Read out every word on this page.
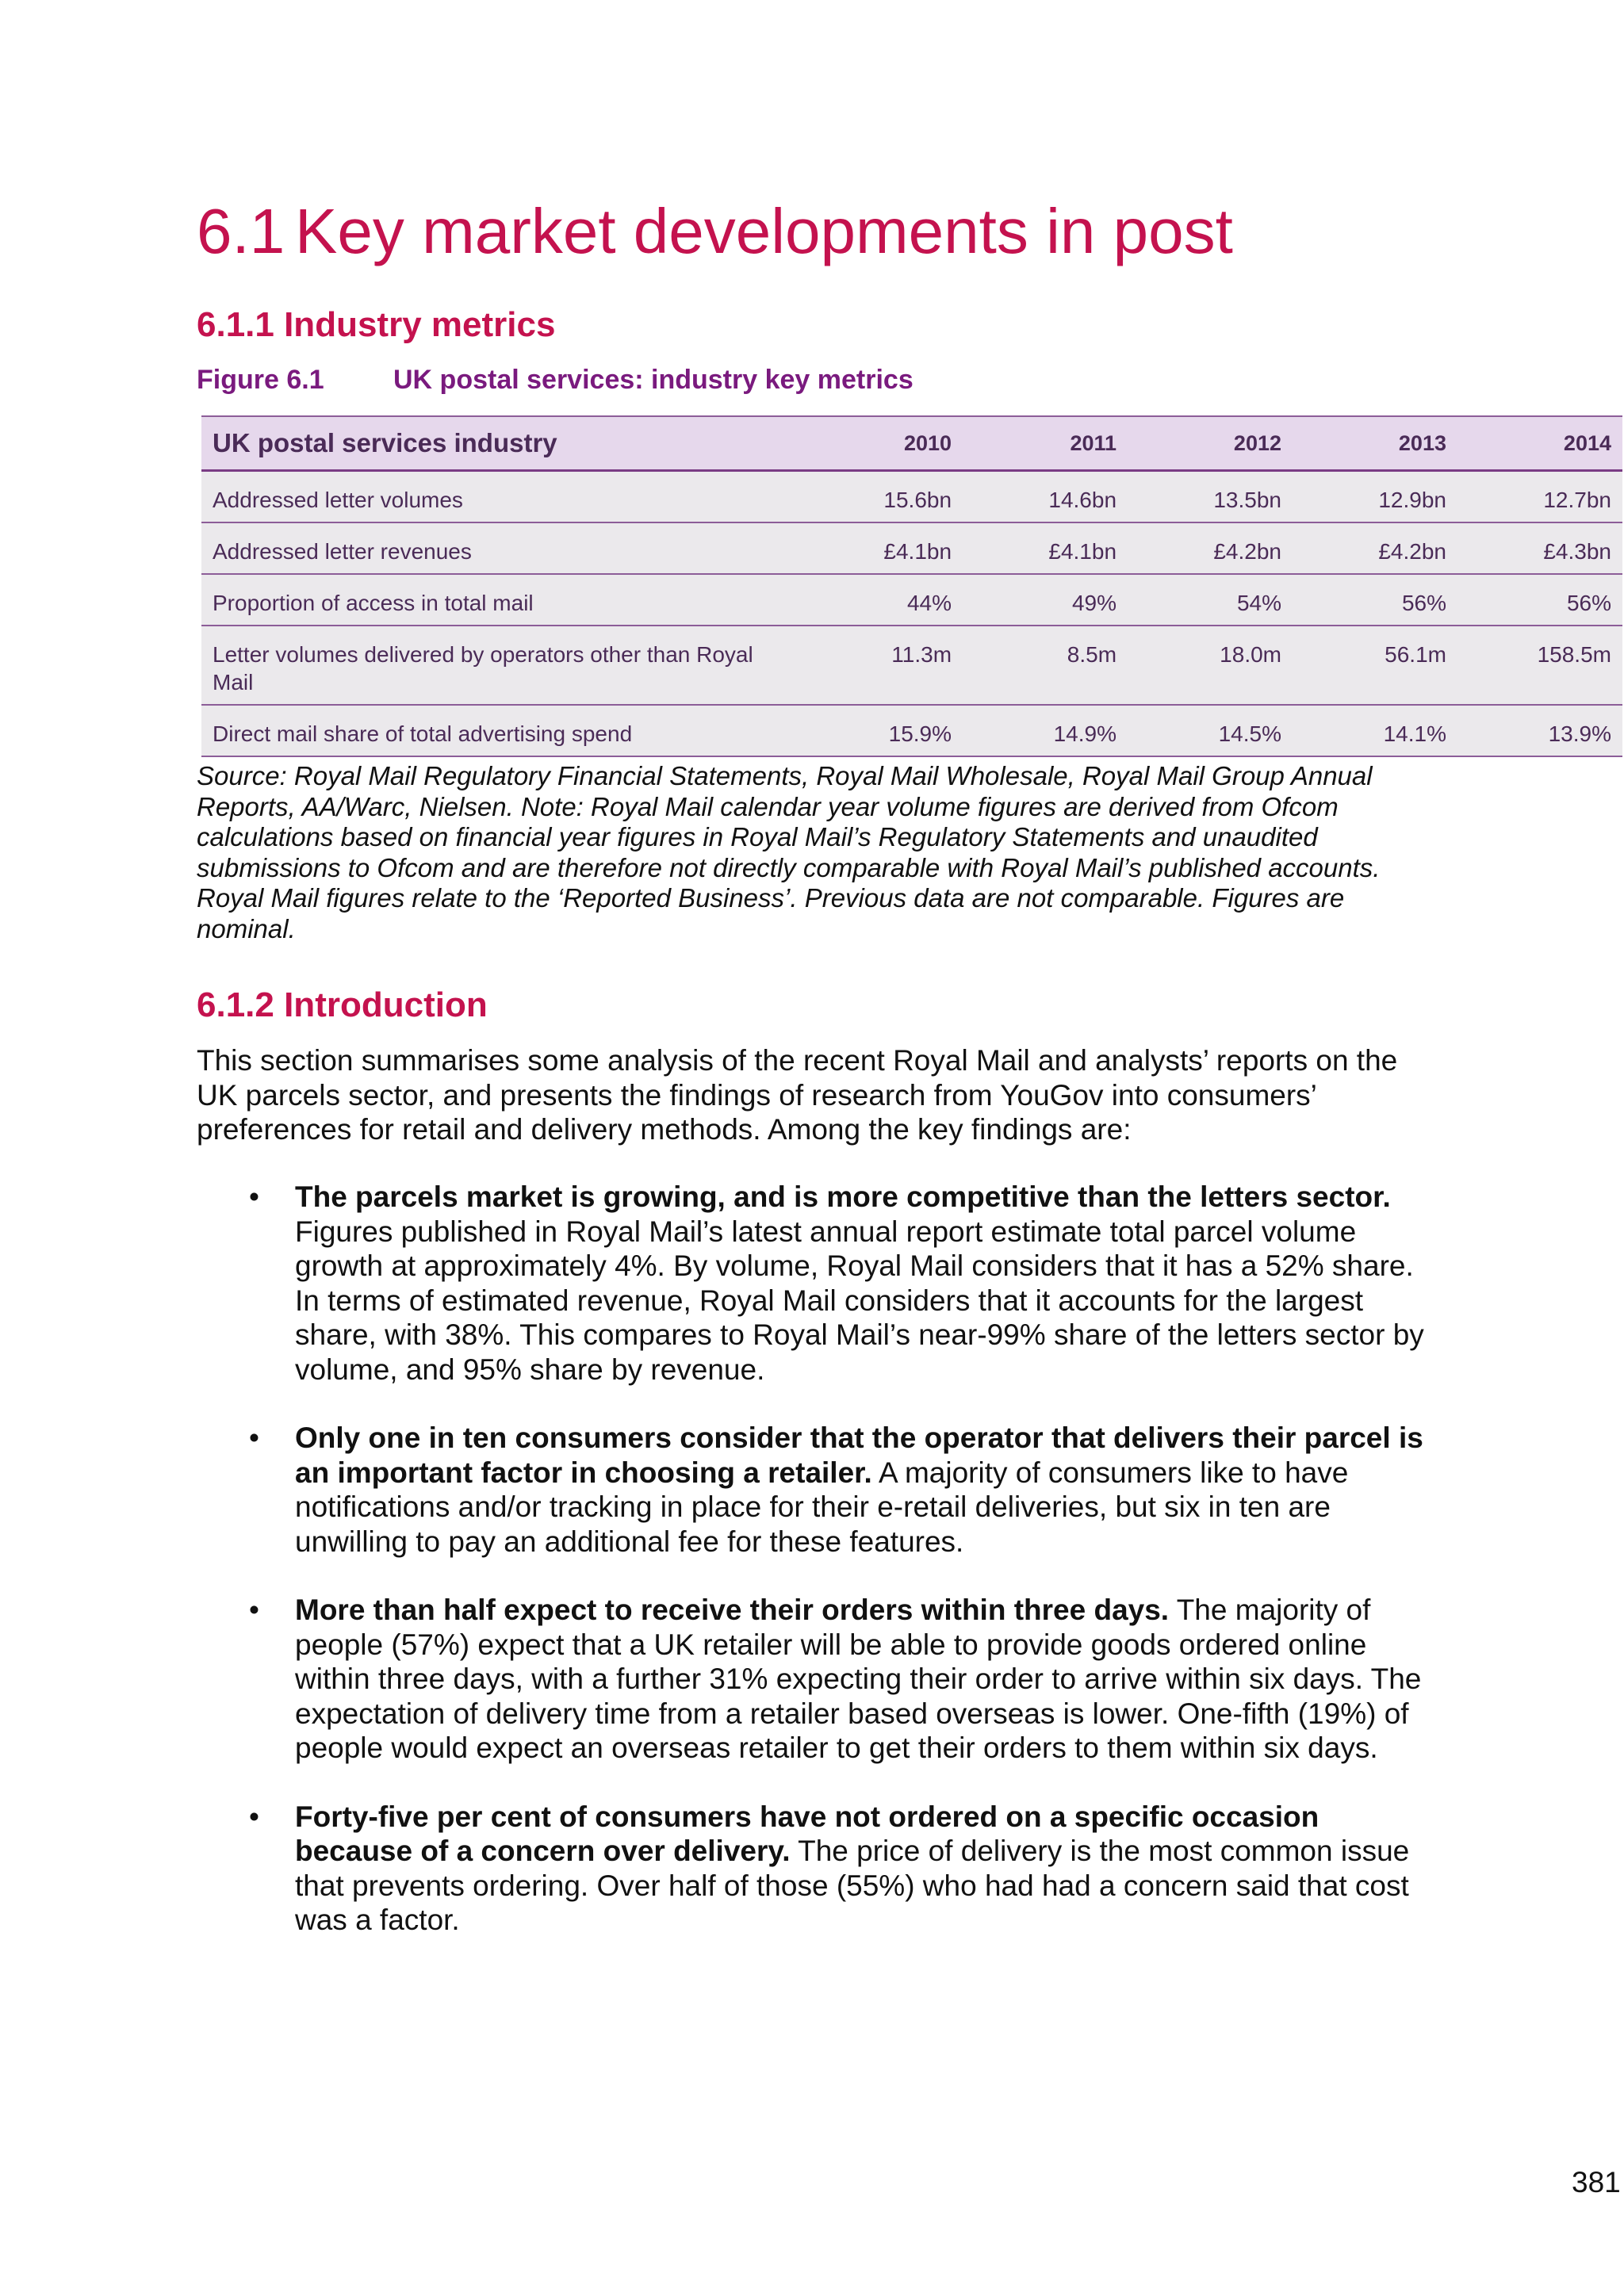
6.1 Key market developments in post
6.1.1 Industry metrics
Figure 6.1	UK postal services: industry key metrics
UK postal services industry	2010	2011	2012	2013	2014
Addressed letter volumes	15.6bn	14.6bn	13.5bn	12.9bn	12.7bn
Addressed letter revenues	£4.1bn	£4.1bn	£4.2bn	£4.2bn	£4.3bn
Proportion of access in total mail	44%	49%	54%	56%	56%
Letter volumes delivered by operators other than Royal Mail	11.3m	8.5m	18.0m	56.1m	158.5m
Direct mail share of total advertising spend	15.9%	14.9%	14.5%	14.1%	13.9%
Source: Royal Mail Regulatory Financial Statements, Royal Mail Wholesale, Royal Mail Group Annual Reports, AA/Warc, Nielsen. Note: Royal Mail calendar year volume figures are derived from Ofcom calculations based on financial year figures in Royal Mail’s Regulatory Statements and unaudited submissions to Ofcom and are therefore not directly comparable with Royal Mail’s published accounts. Royal Mail figures relate to the ‘Reported Business’. Previous data are not comparable. Figures are nominal.
6.1.2 Introduction

This section summarises some analysis of the recent Royal Mail and analysts’ reports on the UK parcels sector, and presents the findings of research from YouGov into consumers’ preferences for retail and delivery methods. Among the key findings are:

• The parcels market is growing, and is more competitive than the letters sector. Figures published in Royal Mail’s latest annual report estimate total parcel volume growth at approximately 4%. By volume, Royal Mail considers that it has a 52% share. In terms of estimated revenue, Royal Mail considers that it accounts for the largest share, with 38%. This compares to Royal Mail’s near-99% share of the letters sector by volume, and 95% share by revenue.
• Only one in ten consumers consider that the operator that delivers their parcel is an important factor in choosing a retailer. A majority of consumers like to have notifications and/or tracking in place for their e-retail deliveries, but six in ten are unwilling to pay an additional fee for these features.
• More than half expect to receive their orders within three days. The majority of people (57%) expect that a UK retailer will be able to provide goods ordered online within three days, with a further 31% expecting their order to arrive within six days. The expectation of delivery time from a retailer based overseas is lower. One-fifth (19%) of people would expect an overseas retailer to get their orders to them within six days.
• Forty-five per cent of consumers have not ordered on a specific occasion because of a concern over delivery. The price of delivery is the most common issue that prevents ordering. Over half of those (55%) who had had a concern said that cost was a factor.
381
